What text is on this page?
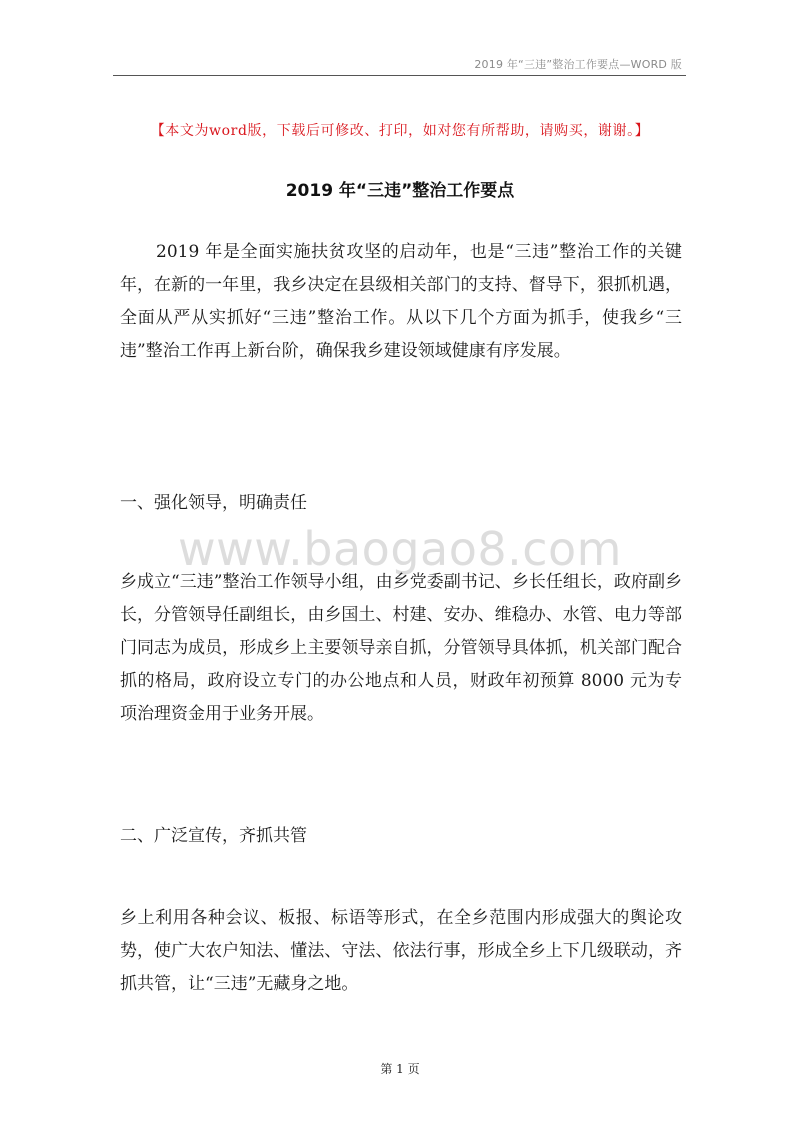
2019 年“三违”整治工作要点—WORD 版
【本文为word版，下载后可修改、打印，如对您有所帮助，请购买，谢谢。】
2019 年“三违”整治工作要点
2019 年是全面实施扶贫攻坚的启动年，也是“三违”整治工作的关键年，在新的一年里，我乡决定在县级相关部门的支持、督导下，狠抓机遇，全面从严从实抓好“三违”整治工作。从以下几个方面为抓手，使我乡“三违”整治工作再上新台阶，确保我乡建设领域健康有序发展。
一、强化领导，明确责任
www.baogao8.com
乡成立“三违”整治工作领导小组，由乡党委副书记、乡长任组长，政府副乡长，分管领导任副组长，由乡国土、村建、安办、维稳办、水管、电力等部门同志为成员，形成乡上主要领导亲自抓，分管领导具体抓，机关部门配合抓的格局，政府设立专门的办公地点和人员，财政年初预算 8000 元为专项治理资金用于业务开展。
二、广泛宣传，齐抓共管
乡上利用各种会议、板报、标语等形式，在全乡范围内形成强大的舆论攻势，使广大农户知法、懂法、守法、依法行事，形成全乡上下几级联动，齐抓共管，让“三违”无藏身之地。
第 1 页
